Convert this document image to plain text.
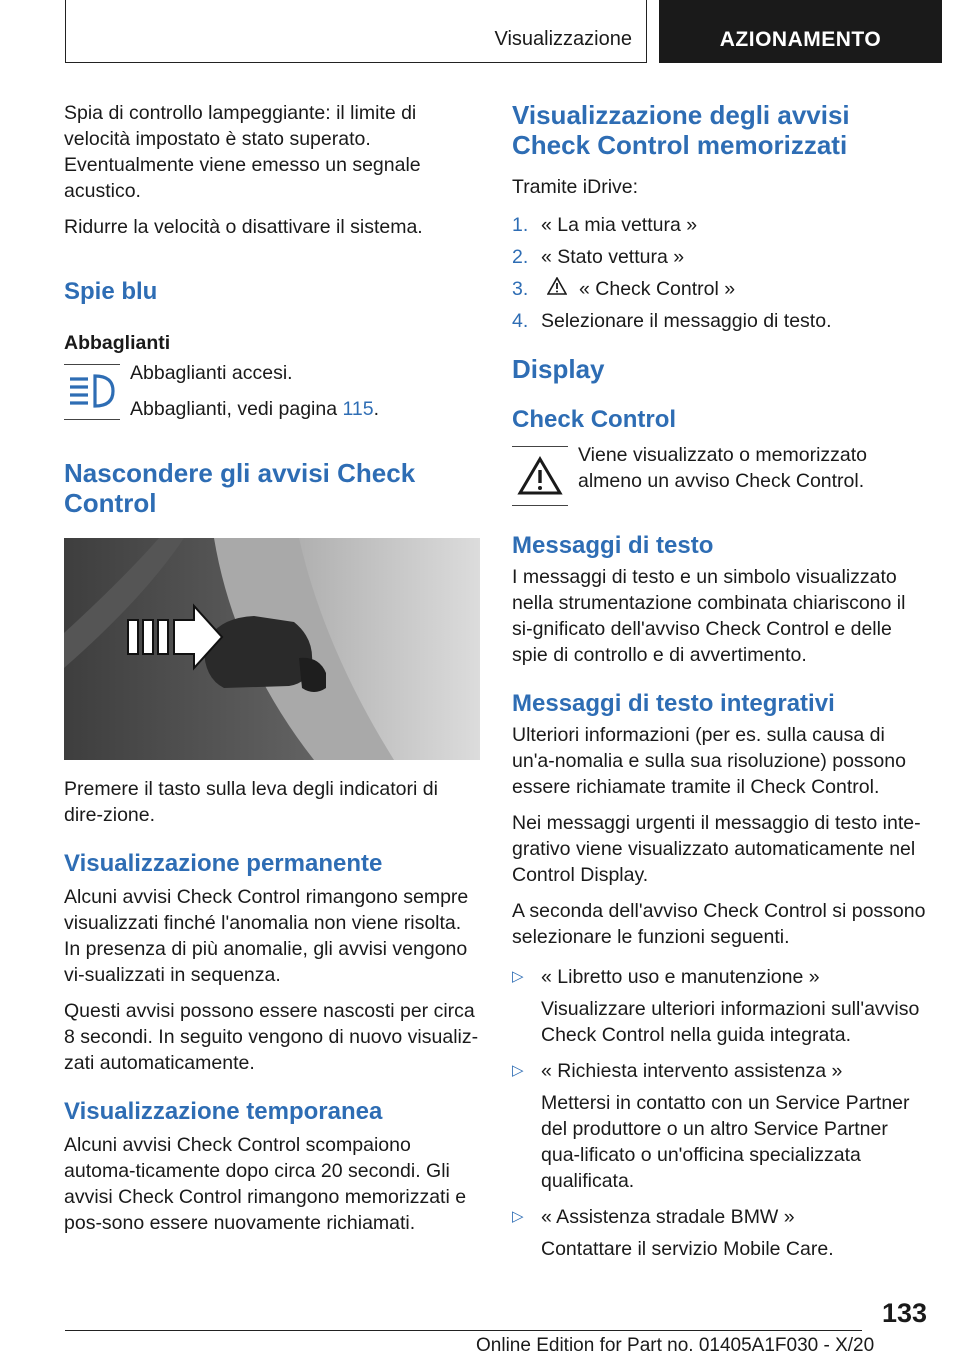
Visualizzazione	AZIONAMENTO

Spia di controllo lampeggiante: il limite di velocità impostato è stato superato. Eventualmente viene emesso un segnale acustico.

Ridurre la velocità o disattivare il sistema.

Spie blu
Abbaglianti

Abbaglianti accesi.

Abbaglianti, vedi pagina 115.

Nascondere gli avvisi Check Control

Premere il tasto sulla leva degli indicatori di dire-zione.

Visualizzazione permanente

Alcuni avvisi Check Control rimangono sempre visualizzati finché l'anomalia non viene risolta. In presenza di più anomalie, gli avvisi vengono vi-sualizzati in sequenza.

Questi avvisi possono essere nascosti per circa 8 secondi. In seguito vengono di nuovo visualiz-zati automaticamente.

Visualizzazione temporanea

Alcuni avvisi Check Control scompaiono automa-ticamente dopo circa 20 secondi. Gli avvisi Check Control rimangono memorizzati e pos-sono essere nuovamente richiamati.

Visualizzazione degli avvisi Check Control memorizzati

Tramite iDrive:

1. « La mia vettura »
2. « Stato vettura »
3.	« Check Control »
4. Selezionare il messaggio di testo.
Display
Check Control

Viene visualizzato o memorizzato almeno un avviso Check Control.

Messaggi di testo

I messaggi di testo e un simbolo visualizzato nella strumentazione combinata chiariscono il si-gnificato dell'avviso Check Control e delle spie di controllo e di avvertimento.

Messaggi di testo integrativi

Ulteriori informazioni (per es. sulla causa di un'a-nomalia e sulla sua risoluzione) possono essere richiamate tramite il Check Control.

Nei messaggi urgenti il messaggio di testo inte-grativo viene visualizzato automaticamente nel Control Display.

A seconda dell'avviso Check Control si possono selezionare le funzioni seguenti.

▷ « Libretto uso e manutenzione »

Visualizzare ulteriori informazioni sull'avviso Check Control nella guida integrata.

▷ « Richiesta intervento assistenza »

Mettersi in contatto con un Service Partner del produttore o un altro Service Partner qua-lificato o un'officina specializzata qualificata.

▷ « Assistenza stradale BMW »

Contattare il servizio Mobile Care.

133
Online Edition for Part no. 01405A1F030 - X/20
